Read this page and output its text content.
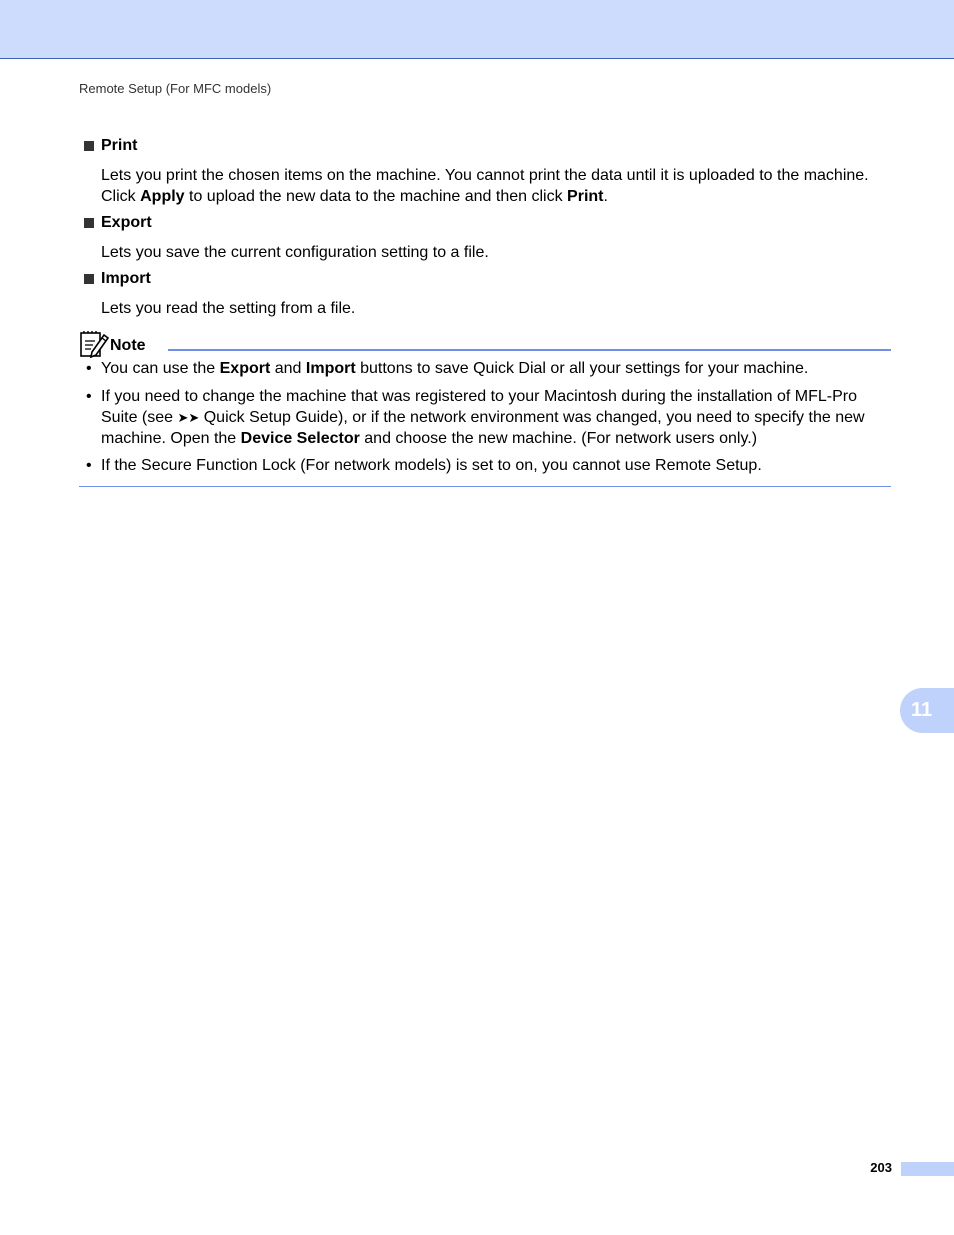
Remote Setup (For MFC models)
Print
Lets you print the chosen items on the machine. You cannot print the data until it is uploaded to the machine. Click Apply to upload the new data to the machine and then click Print.
Export
Lets you save the current configuration setting to a file.
Import
Lets you read the setting from a file.
Note
• You can use the Export and Import buttons to save Quick Dial or all your settings for your machine.
• If you need to change the machine that was registered to your Macintosh during the installation of MFL-Pro Suite (see ➤➤ Quick Setup Guide), or if the network environment was changed, you need to specify the new machine. Open the Device Selector and choose the new machine. (For network users only.)
• If the Secure Function Lock (For network models) is set to on, you cannot use Remote Setup.
11
203
